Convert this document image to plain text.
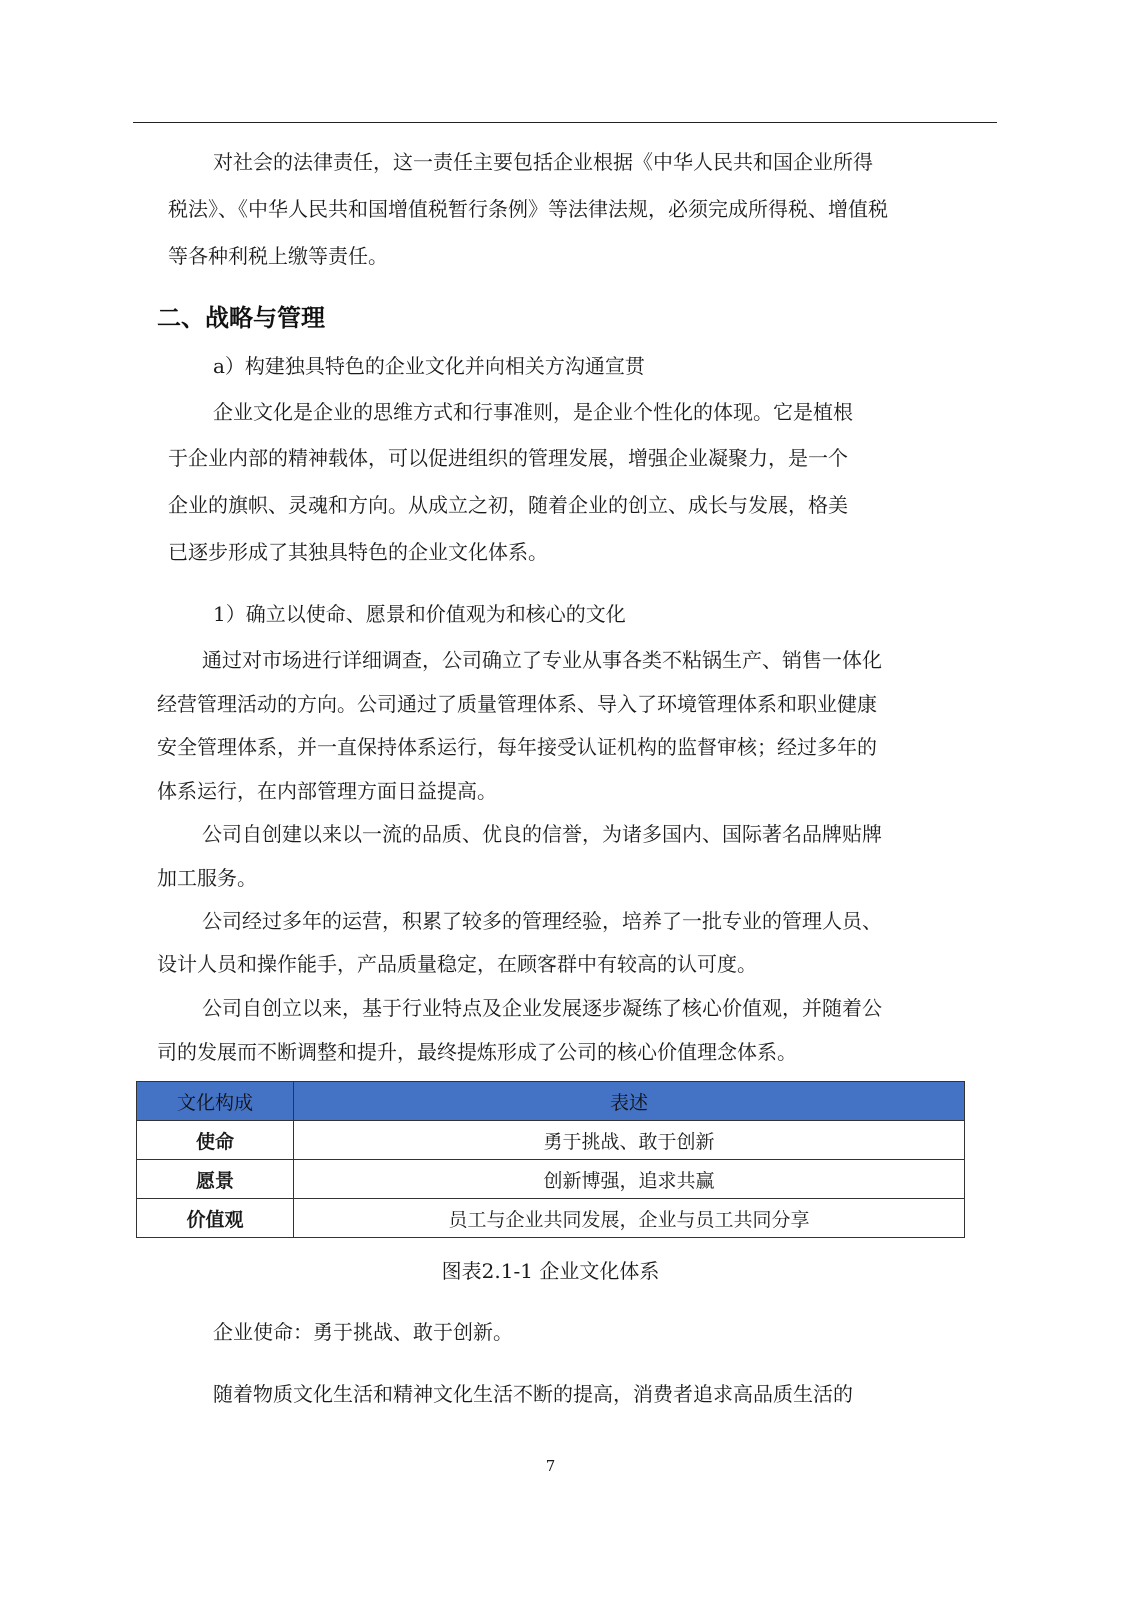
对社会的法律责任，这一责任主要包括企业根据《中华人民共和国企业所得
税法》、《中华人民共和国增值税暂行条例》等法律法规，必须完成所得税、增值税
等各种利税上缴等责任。
二、战略与管理
a）构建独具特色的企业文化并向相关方沟通宣贯
企业文化是企业的思维方式和行事准则，是企业个性化的体现。它是植根
于企业内部的精神载体，可以促进组织的管理发展，增强企业凝聚力，是一个
企业的旗帜、灵魂和方向。从成立之初，随着企业的创立、成长与发展，格美
已逐步形成了其独具特色的企业文化体系。
1）确立以使命、愿景和价值观为和核心的文化
通过对市场进行详细调查，公司确立了专业从事各类不粘锅生产、销售一体化
经营管理活动的方向。公司通过了质量管理体系、导入了环境管理体系和职业健康
安全管理体系，并一直保持体系运行，每年接受认证机构的监督审核；经过多年的
体系运行，在内部管理方面日益提高。
公司自创建以来以一流的品质、优良的信誉，为诸多国内、国际著名品牌贴牌
加工服务。
公司经过多年的运营，积累了较多的管理经验，培养了一批专业的管理人员、
设计人员和操作能手，产品质量稳定，在顾客群中有较高的认可度。
公司自创立以来，基于行业特点及企业发展逐步凝练了核心价值观，并随着公
司的发展而不断调整和提升，最终提炼形成了公司的核心价值理念体系。
文化构成	表述
使命	勇于挑战、敢于创新
愿景	创新博强，追求共赢
价值观	员工与企业共同发展，企业与员工共同分享
图表2.1-1 企业文化体系
企业使命：勇于挑战、敢于创新。
随着物质文化生活和精神文化生活不断的提高，消费者追求高品质生活的
7
